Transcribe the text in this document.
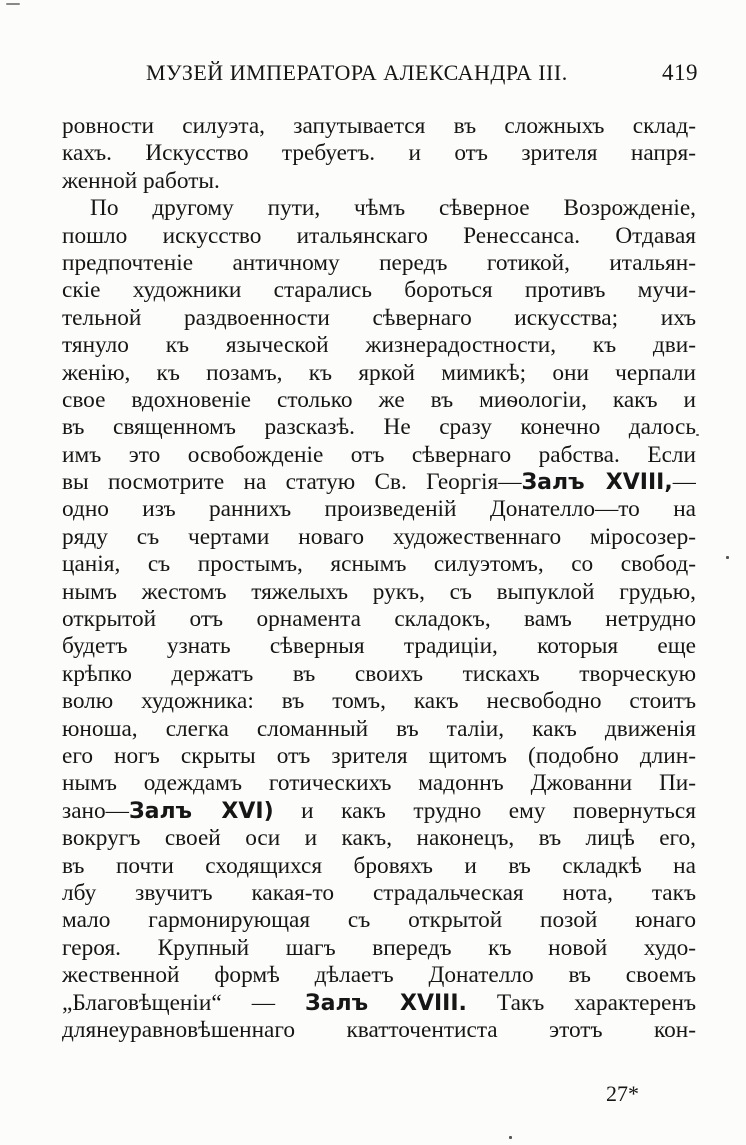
МУЗЕЙ ИМПЕРАТОРА АЛЕКСАНДРА III.	419
ровности силуэта, запутывается въ сложныхъ склад-
кахъ. Искусство требуетъ. и отъ зрителя напря-
женной работы.
По другому пути, чѣмъ сѣверное Возрожденіе,
пошло искусство итальянскаго Ренессанса. Отдавая
предпочтеніе античному передъ готикой, итальян-
скіе художники старались бороться противъ мучи-
тельной раздвоенности сѣвернаго искусства; ихъ
тянуло къ языческой жизнерадостности, къ дви-
женію, къ позамъ, къ яркой мимикѣ; они черпали
свое вдохновеніе столько же въ миѳологіи, какъ и
въ священномъ разсказѣ. Не сразу конечно далось
имъ это освобожденіе отъ сѣвернаго рабства. Если
вы посмотрите на статую Св. Георгія—Залъ XVIII,—
одно изъ раннихъ произведеній Донателло—то на
ряду съ чертами новаго художественнаго міросозер-
цанія, съ простымъ, яснымъ силуэтомъ, со свобод-
нымъ жестомъ тяжелыхъ рукъ, съ выпуклой грудью,
открытой отъ орнамента складокъ, вамъ нетрудно
будетъ узнать сѣверныя традиціи, которыя еще
крѣпко держатъ въ своихъ тискахъ творческую
волю художника: въ томъ, какъ несвободно стоитъ
юноша, слегка сломанный въ таліи, какъ движенія
его ногъ скрыты отъ зрителя щитомъ (подобно длин-
нымъ одеждамъ готическихъ мадоннъ Джованни Пи-
зано—Залъ XVI) и какъ трудно ему повернуться
вокругъ своей оси и какъ, наконецъ, въ лицѣ его,
въ почти сходящихся бровяхъ и въ складкѣ на
лбу звучитъ какая-то страдальческая нота, такъ
мало гармонирующая съ открытой позой юнаго
героя. Крупный шагъ впередъ къ новой худо-
жественной формѣ дѣлаетъ Донателло въ своемъ
„Благовѣщеніи“ — Залъ XVIII. Такъ характеренъ
длянеуравновѣшеннаго кватточентиста этотъ кон-
27*
